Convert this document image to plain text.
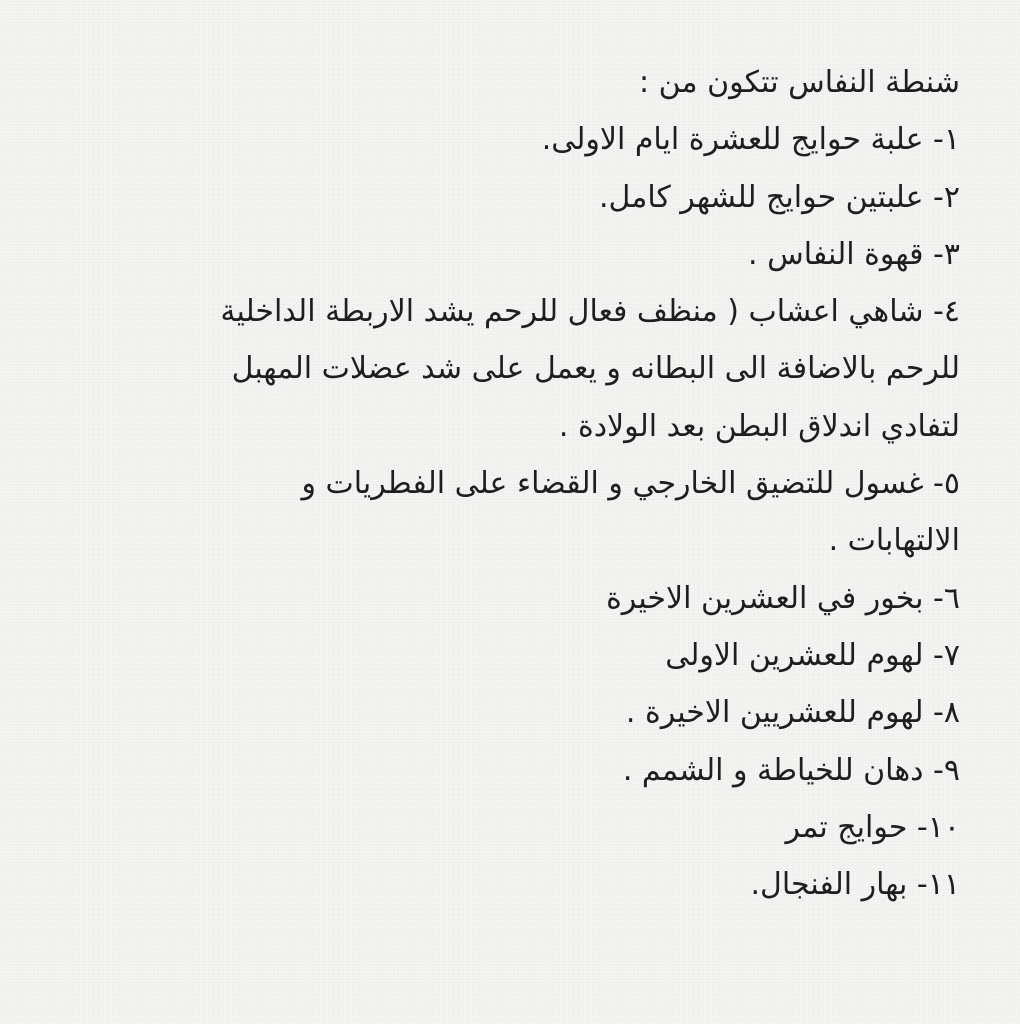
شنطة النفاس تتكون من :
١- علبة حوايج للعشرة ايام الاولى.
٢- علبتين حوايج للشهر كامل.
٣- قهوة النفاس .
٤- شاهي اعشاب ( منظف فعال للرحم يشد الاربطة الداخلية
للرحم بالاضافة الى البطانه و يعمل على شد عضلات المهبل
لتفادي اندلاق البطن بعد الولادة .
٥- غسول للتضيق الخارجي و القضاء على الفطريات و
الالتهابات .
٦- بخور في العشرين الاخيرة
٧- لهوم للعشرين الاولى
٨- لهوم للعشريين الاخيرة .
٩- دهان للخياطة و الشمم .
١٠- حوايج تمر
١١- بهار الفنجال.
